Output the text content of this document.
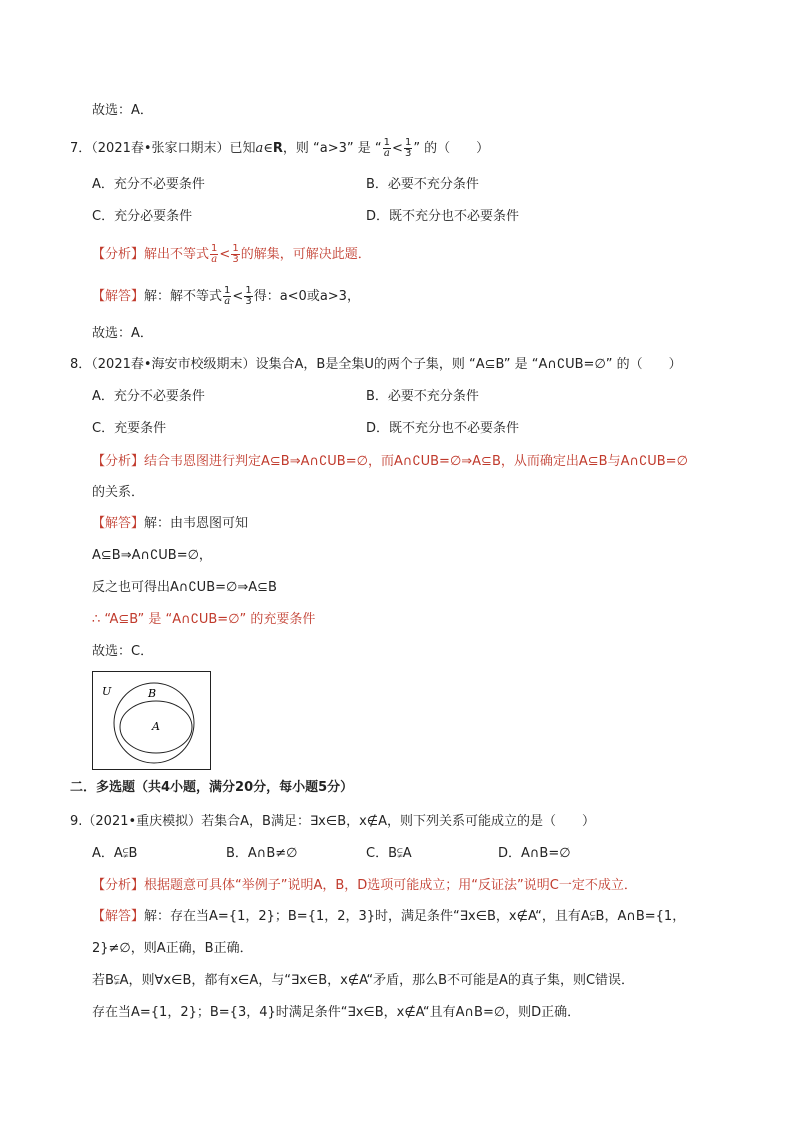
故选：A．
7．（2021春•张家口期末）已知a∈R，则 “a>3” 是 “ $\frac{1}{a} < \frac{1}{3}$ ” 的（　　）
A．充分不必要条件	B．必要不充分条件
C．充分必要条件	D．既不充分也不必要条件
【分析】解出不等式 $\frac{1}{a} < \frac{1}{3}$ 的解集，可解决此题．
【解答】解：解不等式 $\frac{1}{a} < \frac{1}{3}$ 得：a<0或a>3，
故选：A．
8．（2021春•海安市校级期末）设集合A，B是全集U的两个子集，则 “A⊆B” 是 “A∩∁UB=∅” 的（　　）
A．充分不必要条件	B．必要不充分条件
C．充要条件	D．既不充分也不必要条件
【分析】结合韦恩图进行判定A⊆B⇒A∩∁UB=∅，而A∩∁UB=∅⇒A⊆B，从而确定出A⊆B与A∩∁UB=∅
的关系．
【解答】解：由韦恩图可知
A⊆B⇒A∩∁UB=∅，
反之也可得出A∩∁UB=∅⇒A⊆B
∴ “A⊆B” 是 “A∩∁UB=∅” 的充要条件
故选：C．
U	B
A
二．多选题（共4小题，满分20分，每小题5分）
9.（2021•重庆模拟）若集合A，B满足：∃x∈B，x∉A，则下列关系可能成立的是（　　）
A．A⫋B	B．A∩B≠∅	C．B⫋A	D．A∩B=∅
【分析】根据题意可具体“举例子”说明A，B，D选项可能成立；用“反证法”说明C一定不成立．
【解答】解：存在当A={1，2}；B={1，2，3}时，满足条件“∃x∈B，x∉A“，且有A⫋B，A∩B={1，
2}≠∅，则A正确，B正确．
若B⫋A，则∀x∈B，都有x∈A，与“∃x∈B，x∉A“矛盾，那么B不可能是A的真子集，则C错误．
存在当A={1，2}；B={3，4}时满足条件“∃x∈B，x∉A“且有A∩B=∅，则D正确．
